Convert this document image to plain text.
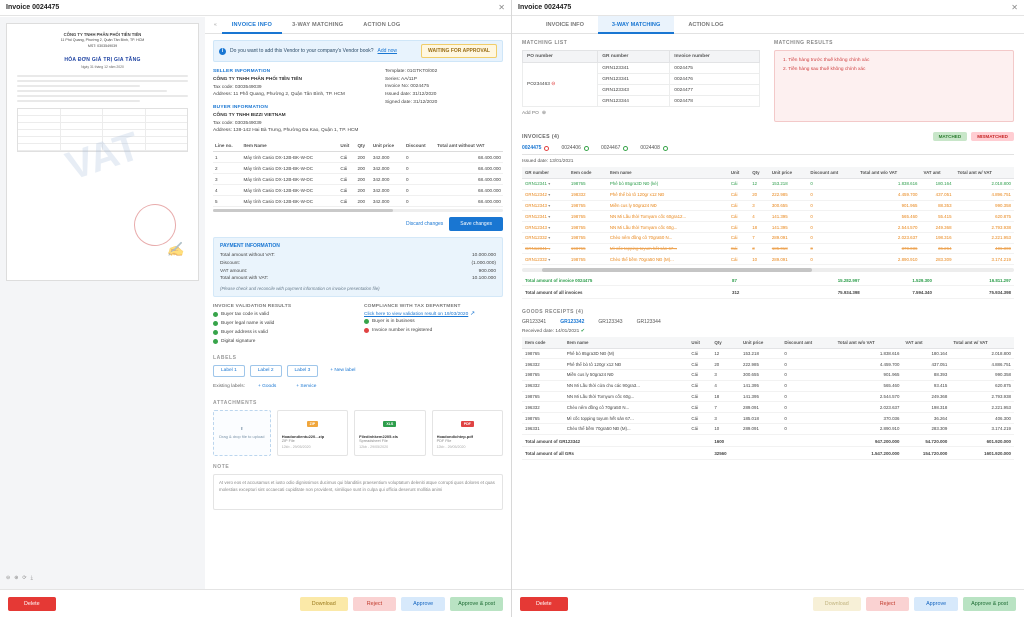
Invoice 0024475	✕
CÔNG TY TNHH PHÂN PHỐI TIÊN TIẾN
11 Phố Quang, Phường 2, Quận Tân Bình, TP. HCM
MST: 0303549039
HÓA ĐƠN GIÁ TRỊ GIA TĂNG
Ngày 31 tháng 12 năm 2020
VAT
✍
⊖ ⊕ ⟳ ⤓
«	INVOICE INFO	3-WAY MATCHING	ACTION LOG
i	Do you want to add this Vendor to your company's Vendor book? Add now	WAITING FOR APPROVAL
SELLER INFORMATION
CÔNG TY TNHH PHÂN PHỐI TIÊN TIẾN
Tax code: 0303549039
Address: 11 Phố Quang, Phường 2, Quận Tân Bình, TP. HCM
BUYER INFORMATION
CÔNG TY TNHH BIZZI VIETNAM
Tax code: 0303549039
Address: 138-142 Hai Bà Trưng, Phường Đa Kao, Quận 1, TP. HCM
Template: 01GTKT0/002
Series: AA/11P
Invoice No: 0024475
Issued date: 31/12/2020
Signed date: 31/12/2020
Line no.	Item Name	Unit	Qty	Unit price	Discount	Total amt without VAT
1	Máy tính Casio DX-12B-BK-W-DC	Cái	200	342.000	0	68.400.000
2	Máy tính Casio DX-12B-BK-W-DC	Cái	200	342.000	0	68.400.000
3	Máy tính Casio DX-12B-BK-W-DC	Cái	200	342.000	0	68.400.000
4	Máy tính Casio DX-12B-BK-W-DC	Cái	200	342.000	0	68.400.000
5	Máy tính Casio DX-12B-BK-W-DC	Cái	200	342.000	0	68.400.000
Discard changes	Save changes
PAYMENT INFORMATION
Total amount without VAT:	10.000.000
Discount:	(1.000.000)
VAT amount:	900.000
Total amount with VAT:	10.100.000
(Please check and reconcile with payment information on invoice presentation file)
INVOICE VALIDATION RESULTS
Buyer tax code is valid
Buyer legal name is valid
Buyer address is valid
Digital signature
COMPLIANCE WITH TAX DEPARTMENT
Click here to view validation result on 19/03/2020 ↗
Buyer is in business
Invoice number is registered
LABELS
Label 1	Label 2	Label 3	+ New label
Existing labels:	+ Goods	+ Service
ATTACHMENTS
⬆
Drag & drop file to upload
ZIP
Hoadondientu220...zip
ZIP File
12kb - 29/05/2020
XLS
Filedinhkem2205.xls
Spreadsheet File
12kb - 29/05/2020
PDF
Hoadondichtep.pdf
PDF File
12kb - 29/05/2020
NOTE
At vero eos et accusamus et iusto odio dignissimos ducimus qui blanditiis praesentium voluptatum deleniti atque corrupti quos dolores et quas molestias excepturi sint occaecati cupiditate non provident, similique sunt in culpa qui officia deserunt mollitia animi
Delete	Download	Reject	Approve	Approve & post
Invoice 0024475	✕
INVOICE INFO	3-WAY MATCHING	ACTION LOG
MATCHING LIST
PO number	GR number	Invoice number
PO234463 ⊖	GRN123341	0024475
	GRN123341	0024476
	GRN123343	0024477
	GRN123344	0024478
Add PO ⊕
MATCHING RESULTS
1. Tiền hàng trước thuế không chính xác
2. Tiền hàng sau thuế không chính xác
INVOICES (4)	MATCHED	MISMATCHED
0024475	0024406	0024467	0024408
Issued date: 13/01/2021
GR number	Item code	Item name	Unit	Qty	Unit price	Discount amt	Total amt w/o VAT	VAT amt	Total amt w/ VAT
GRN12341 ▾	198765	Phê bò 85gra3D NĐ (kè)	Cái	12	153.218	0	1.838.616	180.164	2.018.800
GRN12342 ▾	198332	Phê thể bò tô 120gr x12 NĐ	Cái	20	222.985	0	4.459.700	437.051	4.896.751
GRN12343 ▾	198765	Miền cus ly 50gra24 NĐ	Cái	3	300.655	0	901.965	88.353	990.358
GRN12341 ▾	198765	NN Mi Lầu thời Tomyam cốc 60gra12...	Cái	4	141.395	0	565.460	55.415	620.875
GRN12343 ▾	198765	NN Mi Lầu thời Tomyam cốc 60g...	Cái	18	141.395	0	2.544.570	249.368	2.793.938
GRN12332 ▾	198765	Chèo nêm đồng cô 70gra50 N...	Cái	7	289.091	0	2.023.637	198.316	2.221.953
GRN12341 ▾	198765	Mì cốc topping toyum hết sản 67...	Cái	3	185.018	0	370.036	36.264	406.300
GRN12332 ▾	198765	Chèo thể bềm 70gra50 NĐ (M)...	Cái	10	289.091	0	2.890.910	283.309	3.174.219
Total amount of invoice 0024475	87		15.282.997	1.529.300	16.811.297
Total amount of all invoices	312		75.934.398	7.594.340	75.934.398
GOODS RECEIPTS (4)
GR123341	GR123342	GR123343	GR123344
Received date: 14/01/2021 ✔
Item code	Item name	Unit	Qty	Unit price	Discount amt	Total amt w/o VAT	VAT amt	Total amt w/ VAT
198765	Phê bò 85gra3D NĐ (M)	Cái	12	153.218	0	1.838.616	180.164	2.018.800
196332	Phê thể bò tô 120gr x12 NĐ	Cái	20	222.985	0	4.459.700	437.051	4.886.751
198765	Miền cus ly 50gra24 NĐ	Cái	3	300.655	0	901.965	88.393	990.358
196332	NN Mi Lầu thời cửa chu các 90gra3...	Cái	4	141.395	0	565.460	93.415	620.875
198765	NN Mi Lầu thời Tomyum cốc 60g...	Cái	18	141.395	0	2.544.570	249.368	2.793.938
196332	Chèo nêm đồng cô 70gra50 N...	Cái	7	289.091	0	2.023.637	198.318	2.221.953
198765	Mì cốc topping toyum hết sản 67...	Cái	3	185.018	0	370.036	36.264	406.300
196331	Chèo thể bềm 70gra50 NĐ (M)...	Cái	10	289.091	0	2.890.910	283.309	3.174.219
Total amount of GR123342			1600			947.200.000	54.720.000	601.920.000
Total amount of all GRs			32560			1.547.200.000	154.720.000	1601.920.000
Delete	Download	Reject	Approve	Approve & post
